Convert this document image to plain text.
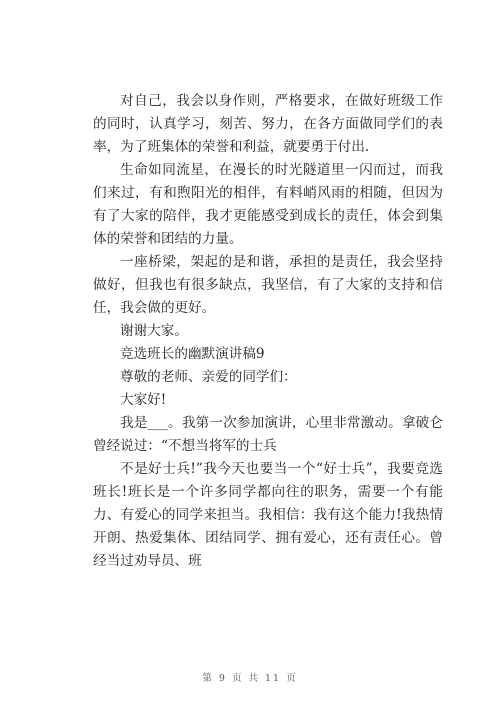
对自己，我会以身作则，严格要求，在做好班级工作的同时，认真学习，刻苦、努力，在各方面做同学们的表率，为了班集体的荣誉和利益，就要勇于付出.

生命如同流星，在漫长的时光隧道里一闪而过，而我们来过，有和煦阳光的相伴，有料峭风雨的相随，但因为有了大家的陪伴，我才更能感受到成长的责任，体会到集体的荣誉和团结的力量。

一座桥梁，架起的是和谐，承担的是责任，我会坚持做好，但我也有很多缺点，我坚信，有了大家的支持和信任，我会做的更好。

谢谢大家。

竞选班长的幽默演讲稿9

尊敬的老师、亲爱的同学们：

大家好!

我是___。我第一次参加演讲，心里非常激动。拿破仑曾经说过：“不想当将军的士兵

不是好士兵!”我今天也要当一个“好士兵”，我要竞选班长!班长是一个许多同学都向往的职务，需要一个有能力、有爱心的同学来担当。我相信：我有这个能力!我热情开朗、热爱集体、团结同学、拥有爱心，还有责任心。曾经当过劝导员、班

第 9 页 共 11 页
